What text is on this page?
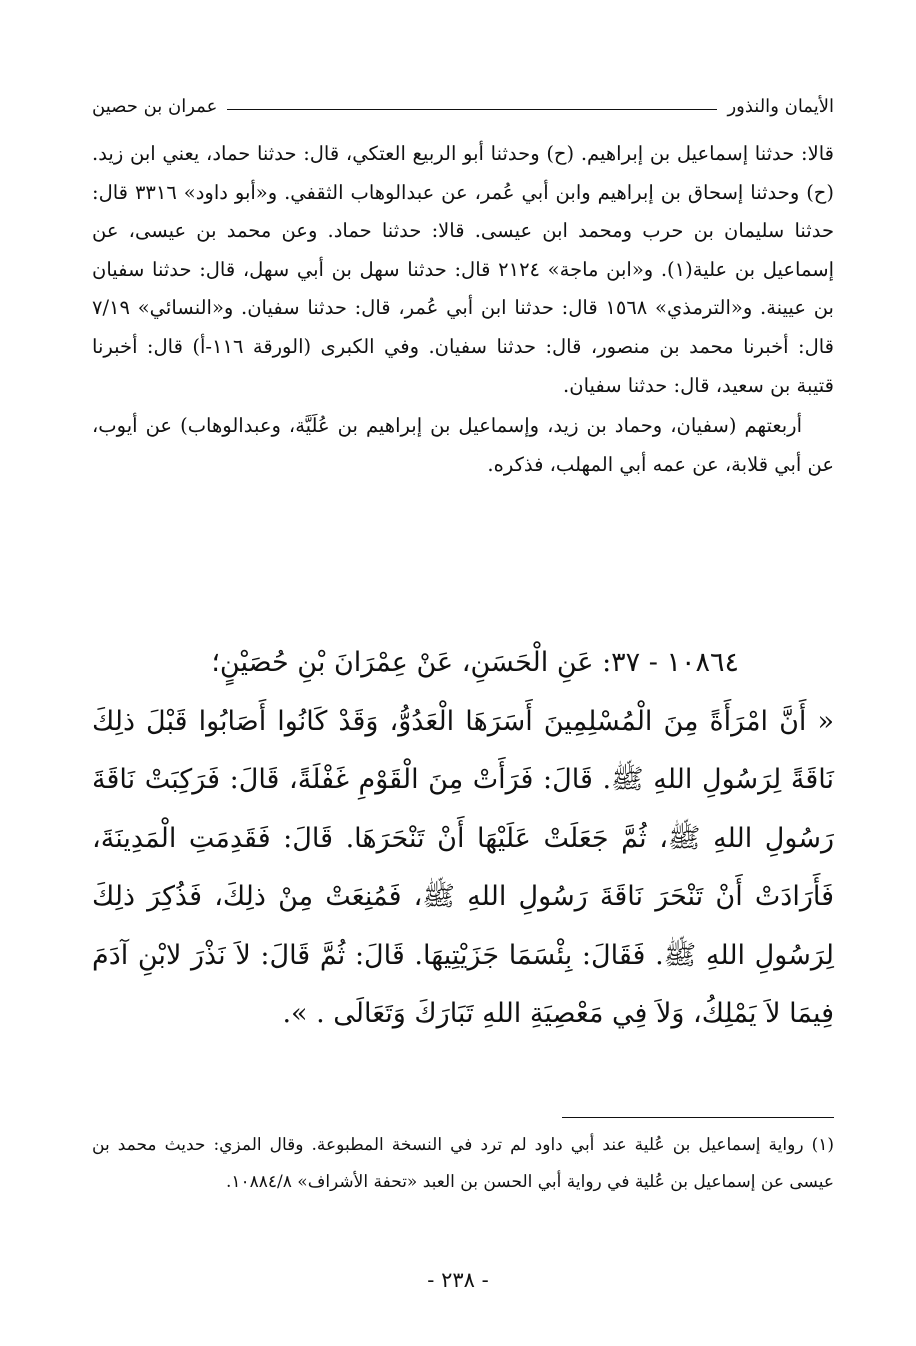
الأيمان والنذور
عمران بن حصين

قالا: حدثنا إسماعيل بن إبراهيم. (ح) وحدثنا أبو الربيع العتكي، قال: حدثنا حماد، يعني ابن زيد. (ح) وحدثنا إسحاق بن إبراهيم وابن أبي عُمر، عن عبدالوهاب الثقفي. و«أبو داود» ٣٣١٦ قال: حدثنا سليمان بن حرب ومحمد ابن عيسى. قالا: حدثنا حماد. وعن محمد بن عيسى، عن إسماعيل بن علية(١). و«ابن ماجة» ٢١٢٤ قال: حدثنا سهل بن أبي سهل، قال: حدثنا سفيان بن عيينة. و«الترمذي» ١٥٦٨ قال: حدثنا ابن أبي عُمر، قال: حدثنا سفيان. و«النسائي» ٧/١٩ قال: أخبرنا محمد بن منصور، قال: حدثنا سفيان. وفي الكبرى (الورقة ١١٦-أ) قال: أخبرنا قتيبة بن سعيد، قال: حدثنا سفيان.

أربعتهم (سفيان، وحماد بن زيد، وإسماعيل بن إبراهيم بن عُلَيَّة، وعبدالوهاب) عن أيوب، عن أبي قلابة، عن عمه أبي المهلب، فذكره.

١٠٨٦٤ - ٣٧: عَنِ الْحَسَنِ، عَنْ عِمْرَانَ بْنِ حُصَيْنٍ؛

« أَنَّ امْرَأَةً مِنَ الْمُسْلِمِينَ أَسَرَهَا الْعَدُوُّ، وَقَدْ كَانُوا أَصَابُوا قَبْلَ ذلِكَ نَاقَةً لِرَسُولِ اللهِ ﷺ. قَالَ: فَرَأَتْ مِنَ الْقَوْمِ غَفْلَةً، قَالَ: فَرَكِبَتْ نَاقَةَ رَسُولِ اللهِ ﷺ، ثُمَّ جَعَلَتْ عَلَيْهَا أَنْ تَنْحَرَهَا. قَالَ: فَقَدِمَتِ الْمَدِينَةَ، فَأَرَادَتْ أَنْ تَنْحَرَ نَاقَةَ رَسُولِ اللهِ ﷺ، فَمُنِعَتْ مِنْ ذلِكَ، فَذُكِرَ ذلِكَ لِرَسُولِ اللهِ ﷺ. فَقَالَ: بِئْسَمَا جَزَيْتِيهَا. قَالَ: ثُمَّ قَالَ: لاَ نَذْرَ لابْنِ آدَمَ فِيمَا لاَ يَمْلِكُ، وَلاَ فِي مَعْصِيَةِ اللهِ تَبَارَكَ وَتَعَالَى . ».

(١) رواية إسماعيل بن عُلية عند أبي داود لم ترد في النسخة المطبوعة. وقال المزي: حديث محمد بن عيسى عن إسماعيل بن عُلية في رواية أبي الحسن بن العبد «تحفة الأشراف» ١٠٨٨٤/٨.

- ٢٣٨ -
